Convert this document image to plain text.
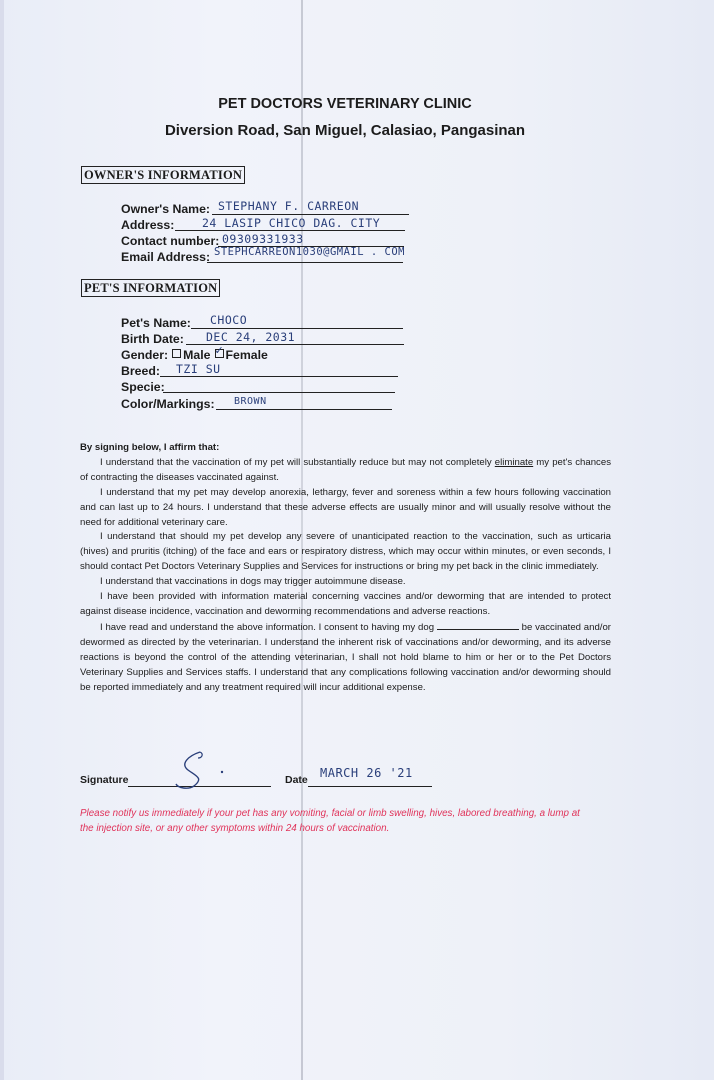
PET DOCTORS VETERINARY CLINIC
Diversion Road, San Miguel, Calasiao, Pangasinan
OWNER'S INFORMATION
Owner's Name: STEPHANY F. CARREON
Address: 24 LASIP CHICO DAG. CITY
Contact number: 09309331933
Email Address: STEPHCARREON1030@GMAIL . COM
PET'S INFORMATION
Pet's Name: CHOCO
Birth Date: DEC 24, 2031
Gender: Male ✓ Female
Breed: TZI SU
Specie:
Color/Markings: BROWN
By signing below, I affirm that:

I understand that the vaccination of my pet will substantially reduce but may not completely eliminate my pet's chances of contracting the diseases vaccinated against.

I understand that my pet may develop anorexia, lethargy, fever and soreness within a few hours following vaccination and can last up to 24 hours. I understand that these adverse effects are usually minor and will usually resolve without the need for additional veterinary care.

I understand that should my pet develop any severe of unanticipated reaction to the vaccination, such as urticaria (hives) and pruritis (itching) of the face and ears or respiratory distress, which may occur within minutes, or even seconds, I should contact Pet Doctors Veterinary Supplies and Services for instructions or bring my pet back in the clinic immediately.

I understand that vaccinations in dogs may trigger autoimmune disease.

I have been provided with information material concerning vaccines and/or deworming that are intended to protect against disease incidence, vaccination and deworming recommendations and adverse reactions.

I have read and understand the above information. I consent to having my dog	be vaccinated and/or dewormed as directed by the veterinarian. I understand the inherent risk of vaccinations and/or deworming, and its adverse reactions is beyond the control of the attending veterinarian, I shall not hold blame to him or her or to the Pet Doctors Veterinary Supplies and Services staffs. I understand that any complications following vaccination and/or deworming should be reported immediately and any treatment required will incur additional expense.

Signature	Date MARCH 26 '21
Please notify us immediately if your pet has any vomiting, facial or limb swelling, hives, labored breathing, a lump at the injection site, or any other symptoms within 24 hours of vaccination.
